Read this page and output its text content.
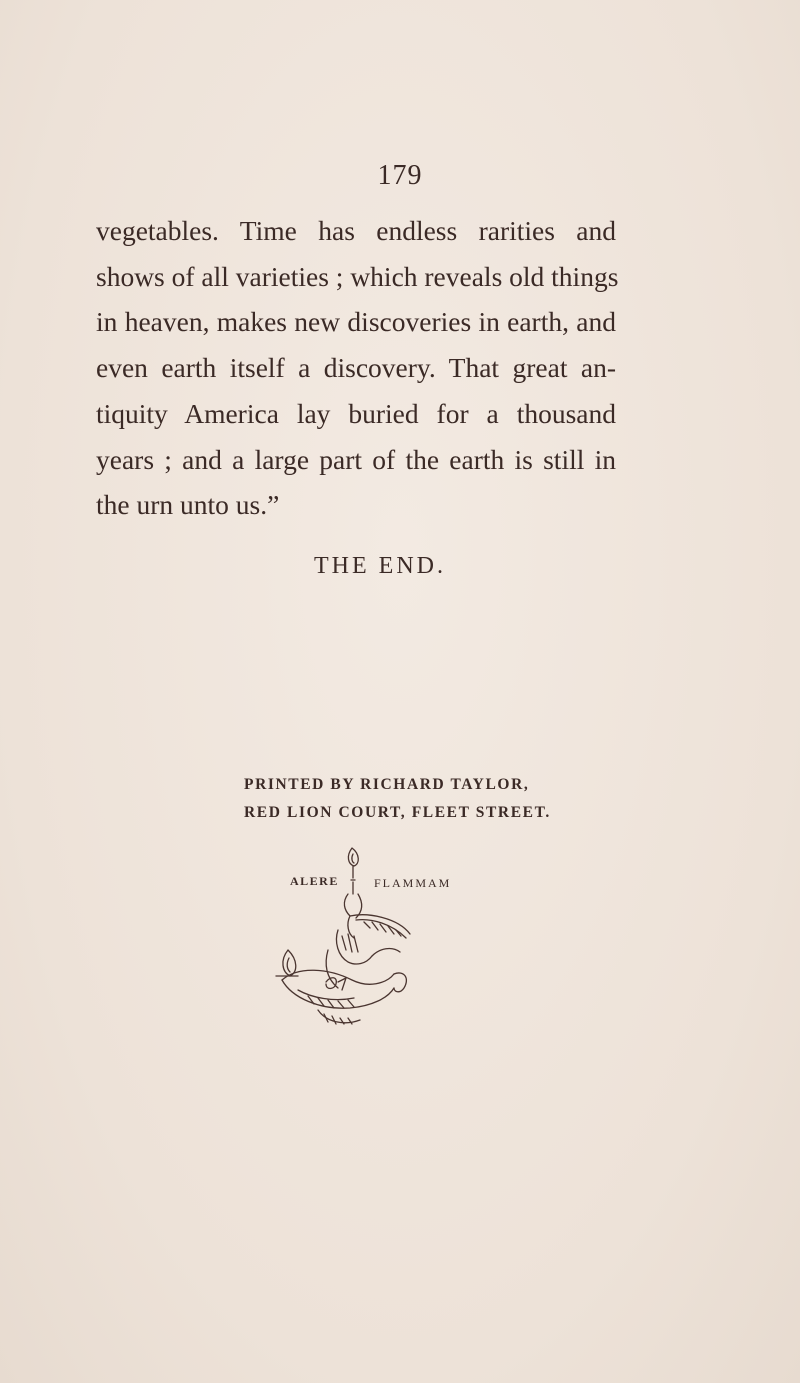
179
vegetables. Time has endless rarities and
shows of all varieties ; which reveals old things
in heaven, makes new discoveries in earth, and
even earth itself a discovery. That great an-
tiquity America lay buried for a thousand
years ; and a large part of the earth is still in
the urn unto us.”
THE END.
PRINTED BY RICHARD TAYLOR,
RED LION COURT, FLEET STREET.
ALERE	FLAMMAM
